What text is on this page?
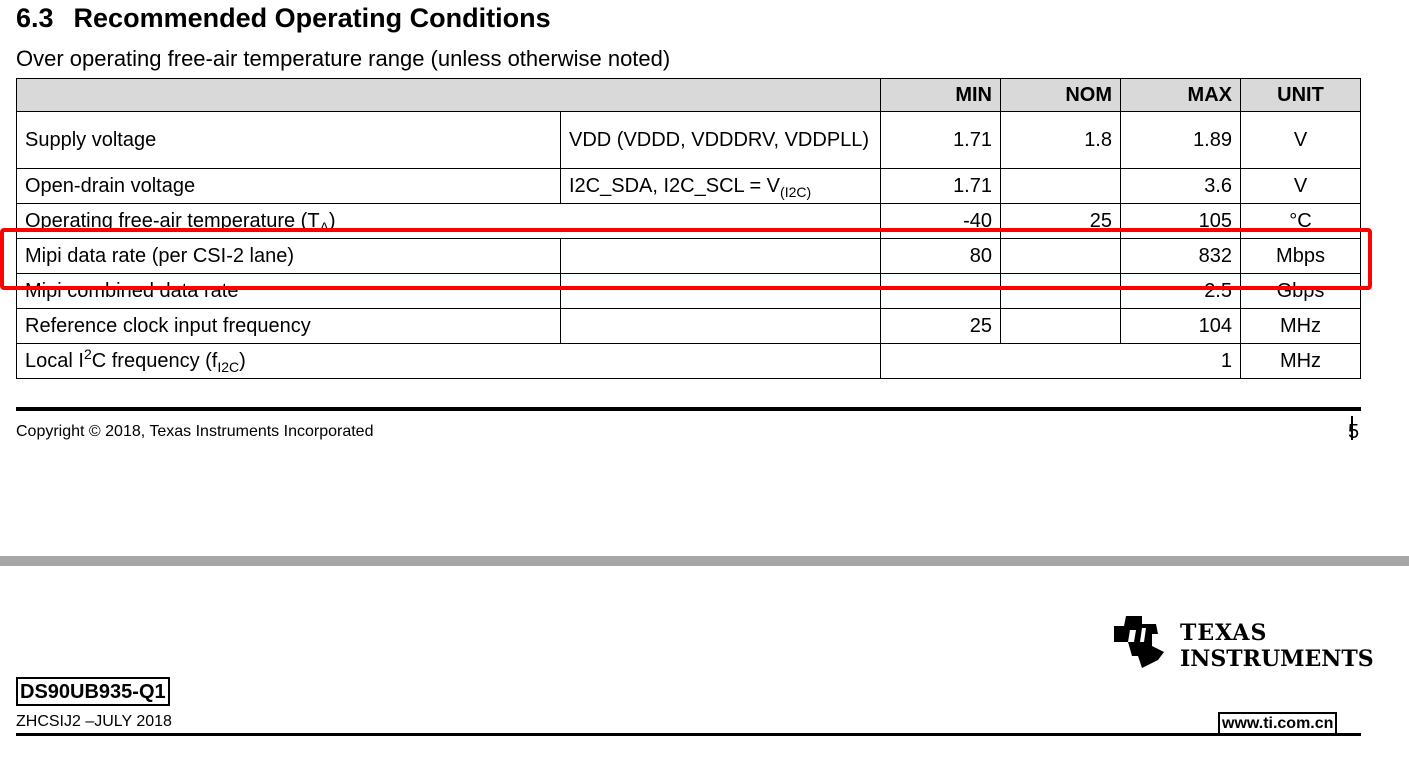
6.3 Recommended Operating Conditions
Over operating free-air temperature range (unless otherwise noted)
		MIN	NOM	MAX	UNIT
Supply voltage	VDD (VDDD, VDDDRV, VDDPLL)	1.71	1.8	1.89	V
Open-drain voltage	I2C_SDA, I2C_SCL = $V_{(I2C)}$	1.71		3.6	V
Operating free-air temperature $(T_A)$		-40	25	105	°C
Mipi data rate (per CSI-2 lane)		80		832	Mbps
Mipi combined data rate				2.5	Gbps
Reference clock input frequency		25		104	MHz
Local $I^2C$ frequency $(f_{I2C})$		1			MHz
Copyright © 2018, Texas Instruments Incorporated	5
TEXAS
INSTRUMENTS
DS90UB935-Q1
ZHCSIJ2 –JULY 2018	www.ti.com.cn
